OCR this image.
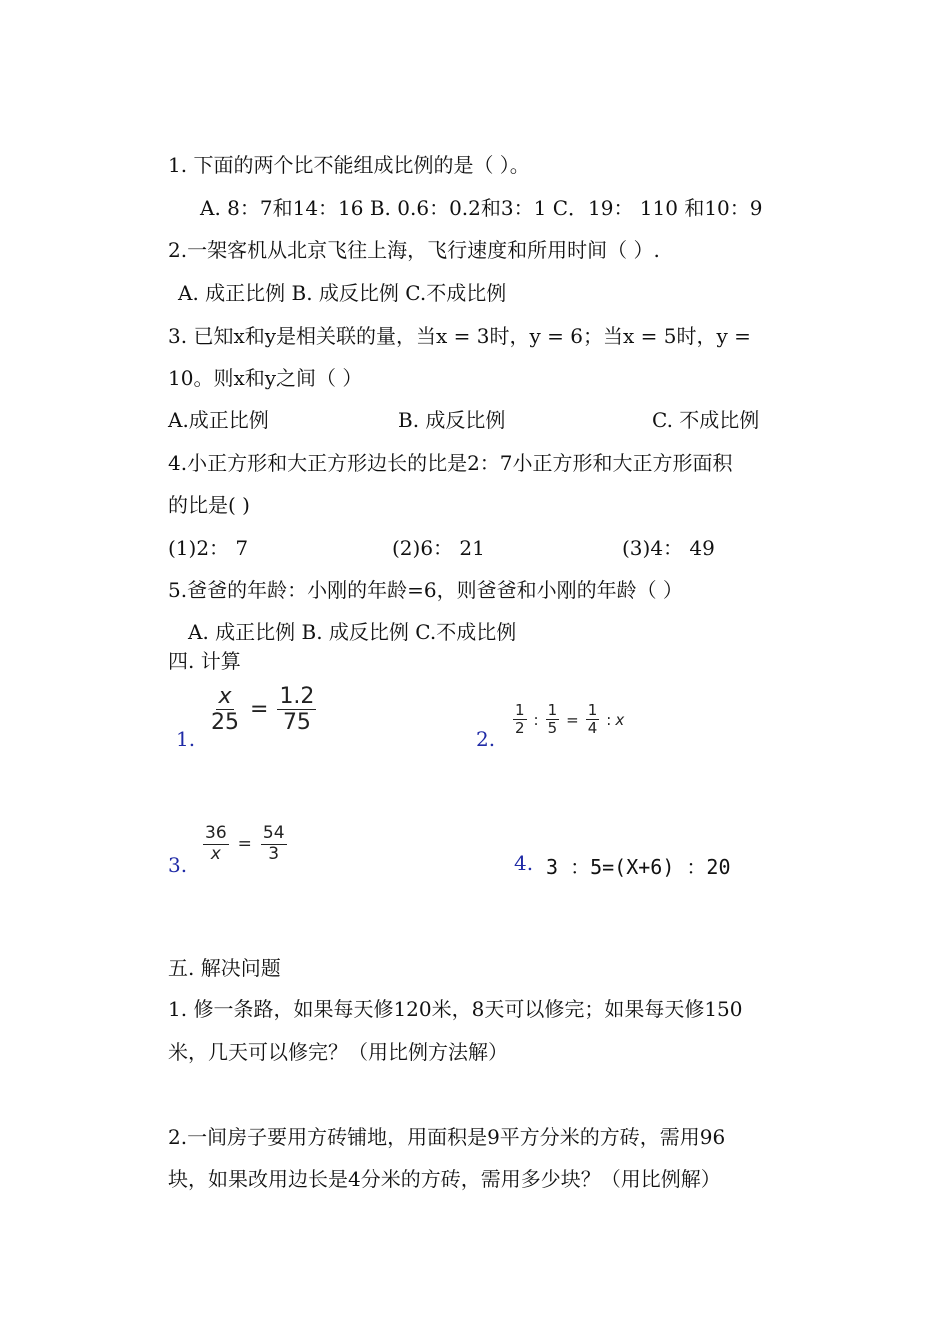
1. 下面的两个比不能组成比例的是（ ）。
A. 8：7和14：16 B. 0.6：0.2和3：1 C．19： 110 和10：9
2.一架客机从北京飞往上海，飞行速度和所用时间（ ）.
A. 成正比例 B. 成反比例 C.不成比例
3. 已知x和y是相关联的量，当x = 3时，y = 6；当x = 5时，y =
10。则x和y之间（ ）
A.成正比例	B. 成反比例	C. 不成比例
4.小正方形和大正方形边长的比是2：7小正方形和大正方形面积
的比是( )
(1)2： 7	(2)6： 21	(3)4： 49
5.爸爸的年龄：小刚的年龄=6，则爸爸和小刚的年龄（ ）
A. 成正比例 B. 成反比例 C.不成比例
四. 计算
1.
$\frac{x}{25} = \frac{1.2}{75}$
2.
$\frac{1}{2}$ : $\frac{1}{5} = \frac{1}{4}$ : x
3.
$\frac{36}{x} = \frac{54}{3}$	4. 3 ：5=(X+6) ：20
五. 解决问题
1. 修一条路，如果每天修120米，8天可以修完；如果每天修150
米，几天可以修完？（用比例方法解）
2.一间房子要用方砖铺地，用面积是9平方分米的方砖，需用96
块，如果改用边长是4分米的方砖，需用多少块？（用比例解）
